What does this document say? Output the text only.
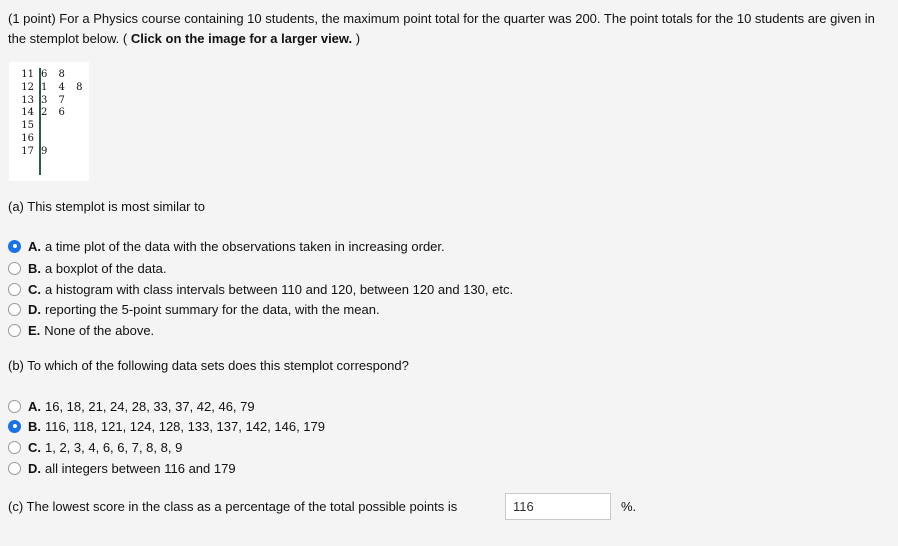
(1 point) For a Physics course containing 10 students, the maximum point total for the quarter was 200. The point totals for the 10 students are given in the stemplot below. ( Click on the image for a larger view. )
11 6 8
12 1 4 8
13 3 7
14 2 6
15
16
17 9
(a) This stemplot is most similar to
A. a time plot of the data with the observations taken in increasing order.
B. a boxplot of the data.
C. a histogram with class intervals between 110 and 120, between 120 and 130, etc.
D. reporting the 5-point summary for the data, with the mean.
E. None of the above.
(b) To which of the following data sets does this stemplot correspond?
A. 16, 18, 21, 24, 28, 33, 37, 42, 46, 79
B. 116, 118, 121, 124, 128, 133, 137, 142, 146, 179
C. 1, 2, 3, 4, 6, 6, 7, 8, 8, 9
D. all integers between 116 and 179
(c) The lowest score in the class as a percentage of the total possible points is
116	%.
